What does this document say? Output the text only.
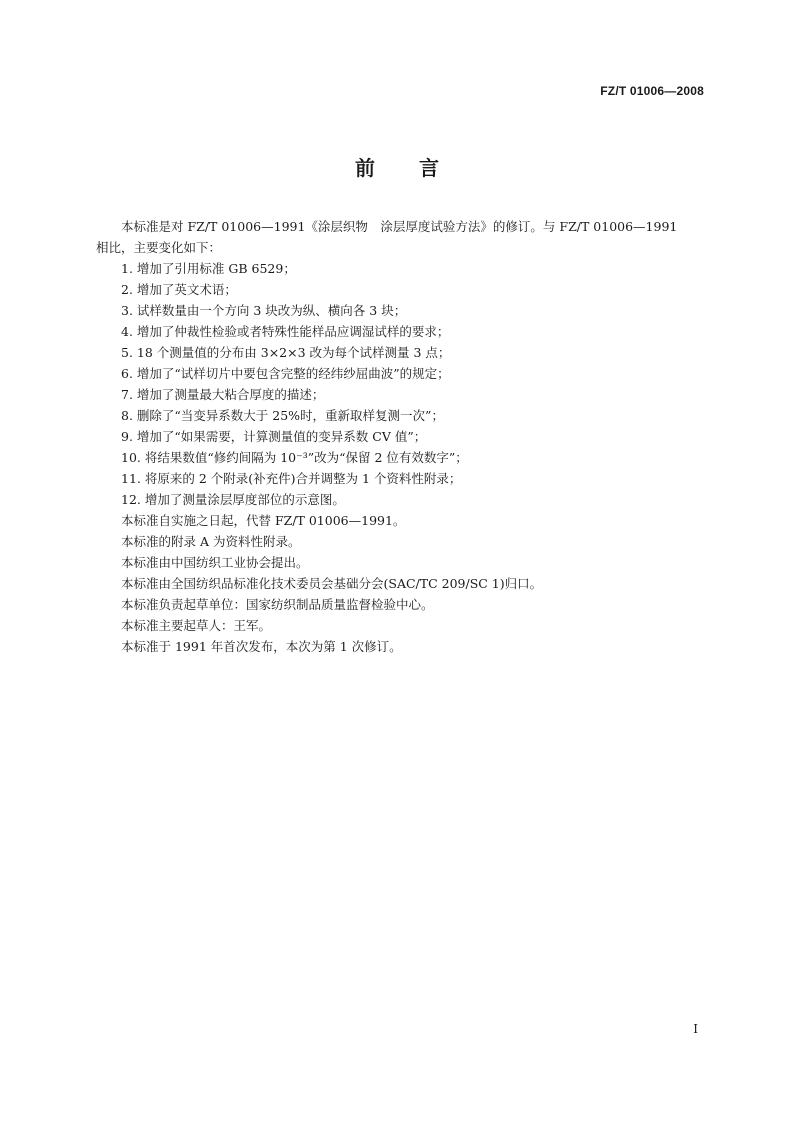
FZ/T 01006—2008
前 言
本标准是对 FZ/T 01006—1991《涂层织物　涂层厚度试验方法》的修订。与 FZ/T 01006—1991
相比，主要变化如下：
1. 增加了引用标准 GB 6529；
2. 增加了英文术语；
3. 试样数量由一个方向 3 块改为纵、横向各 3 块；
4. 增加了仲裁性检验或者特殊性能样品应调湿试样的要求；
5. 18 个测量值的分布由 3×2×3 改为每个试样测量 3 点；
6. 增加了“试样切片中要包含完整的经纬纱屈曲波”的规定；
7. 增加了测量最大粘合厚度的描述；
8. 删除了“当变异系数大于 25%时，重新取样复测一次”；
9. 增加了“如果需要，计算测量值的变异系数 CV 值”；
10. 将结果数值“修约间隔为 10⁻³”改为“保留 2 位有效数字”；
11. 将原来的 2 个附录(补充件)合并调整为 1 个资料性附录；
12. 增加了测量涂层厚度部位的示意图。
本标准自实施之日起，代替 FZ/T 01006—1991。
本标准的附录 A 为资料性附录。
本标准由中国纺织工业协会提出。
本标准由全国纺织品标准化技术委员会基础分会(SAC/TC 209/SC 1)归口。
本标准负责起草单位：国家纺织制品质量监督检验中心。
本标准主要起草人：王军。
本标准于 1991 年首次发布，本次为第 1 次修订。
I
